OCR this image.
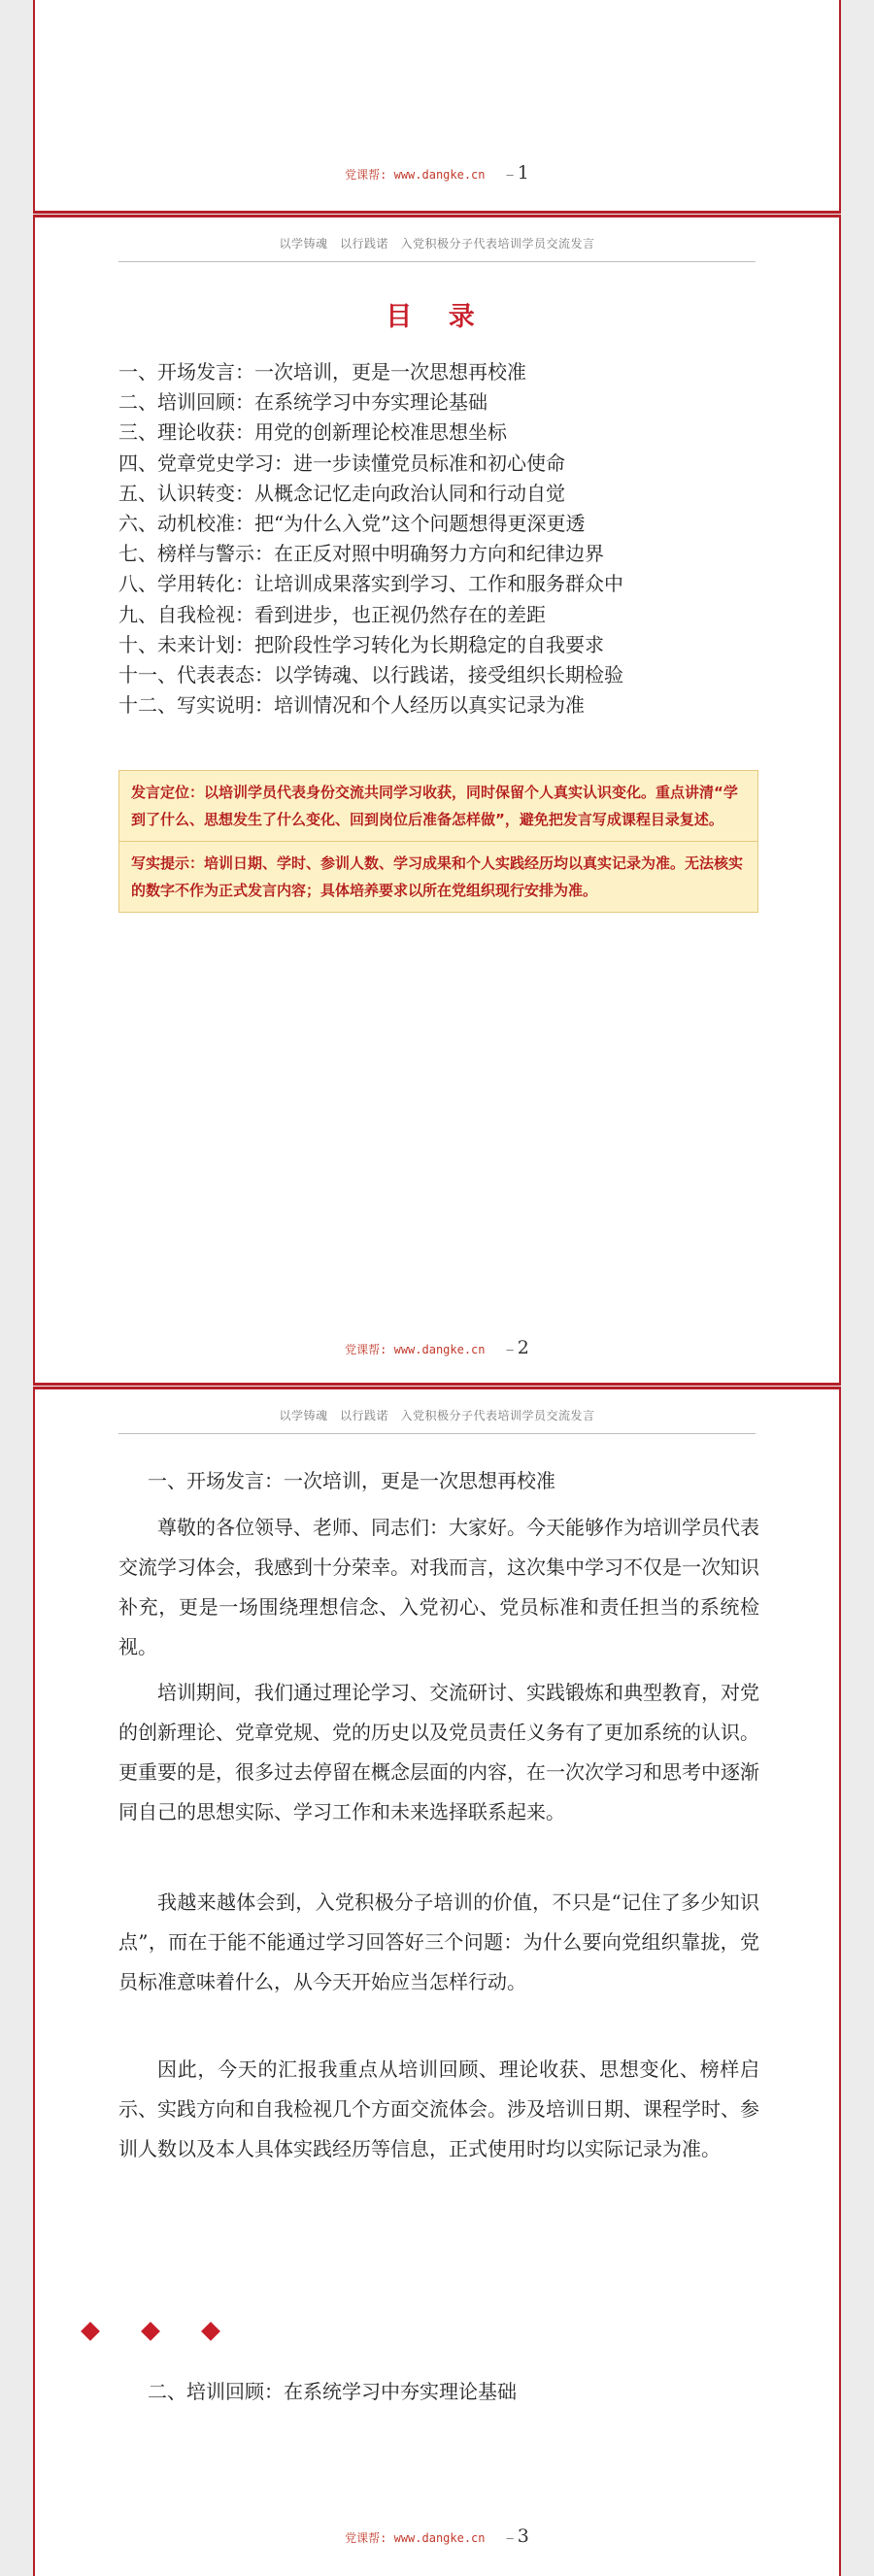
党课帮: www.dangke.cn — 1
以学铸魂　以行践诺　入党积极分子代表培训学员交流发言
目 录
一、开场发言：一次培训，更是一次思想再校准
二、培训回顾：在系统学习中夯实理论基础
三、理论收获：用党的创新理论校准思想坐标
四、党章党史学习：进一步读懂党员标准和初心使命
五、认识转变：从概念记忆走向政治认同和行动自觉
六、动机校准：把“为什么入党”这个问题想得更深更透
七、榜样与警示：在正反对照中明确努力方向和纪律边界
八、学用转化：让培训成果落实到学习、工作和服务群众中
九、自我检视：看到进步，也正视仍然存在的差距
十、未来计划：把阶段性学习转化为长期稳定的自我要求
十一、代表表态：以学铸魂、以行践诺，接受组织长期检验
十二、写实说明：培训情况和个人经历以真实记录为准
发言定位：以培训学员代表身份交流共同学习收获，同时保留个人真实认识变化。重点讲清“学到了什么、思想发生了什么变化、回到岗位后准备怎样做”，避免把发言写成课程目录复述。
写实提示：培训日期、学时、参训人数、学习成果和个人实践经历均以真实记录为准。无法核实的数字不作为正式发言内容；具体培养要求以所在党组织现行安排为准。
党课帮: www.dangke.cn — 2
以学铸魂　以行践诺　入党积极分子代表培训学员交流发言
一、开场发言：一次培训，更是一次思想再校准

尊敬的各位领导、老师、同志们：大家好。今天能够作为培训学员代表交流学习体会，我感到十分荣幸。对我而言，这次集中学习不仅是一次知识补充，更是一场围绕理想信念、入党初心、党员标准和责任担当的系统检视。

培训期间，我们通过理论学习、交流研讨、实践锻炼和典型教育，对党的创新理论、党章党规、党的历史以及党员责任义务有了更加系统的认识。更重要的是，很多过去停留在概念层面的内容，在一次次学习和思考中逐渐同自己的思想实际、学习工作和未来选择联系起来。

我越来越体会到，入党积极分子培训的价值，不只是“记住了多少知识点”，而在于能不能通过学习回答好三个问题：为什么要向党组织靠拢，党员标准意味着什么，从今天开始应当怎样行动。

因此，今天的汇报我重点从培训回顾、理论收获、思想变化、榜样启示、实践方向和自我检视几个方面交流体会。涉及培训日期、课程学时、参训人数以及本人具体实践经历等信息，正式使用时均以实际记录为准。

二、培训回顾：在系统学习中夯实理论基础
党课帮: www.dangke.cn — 3
